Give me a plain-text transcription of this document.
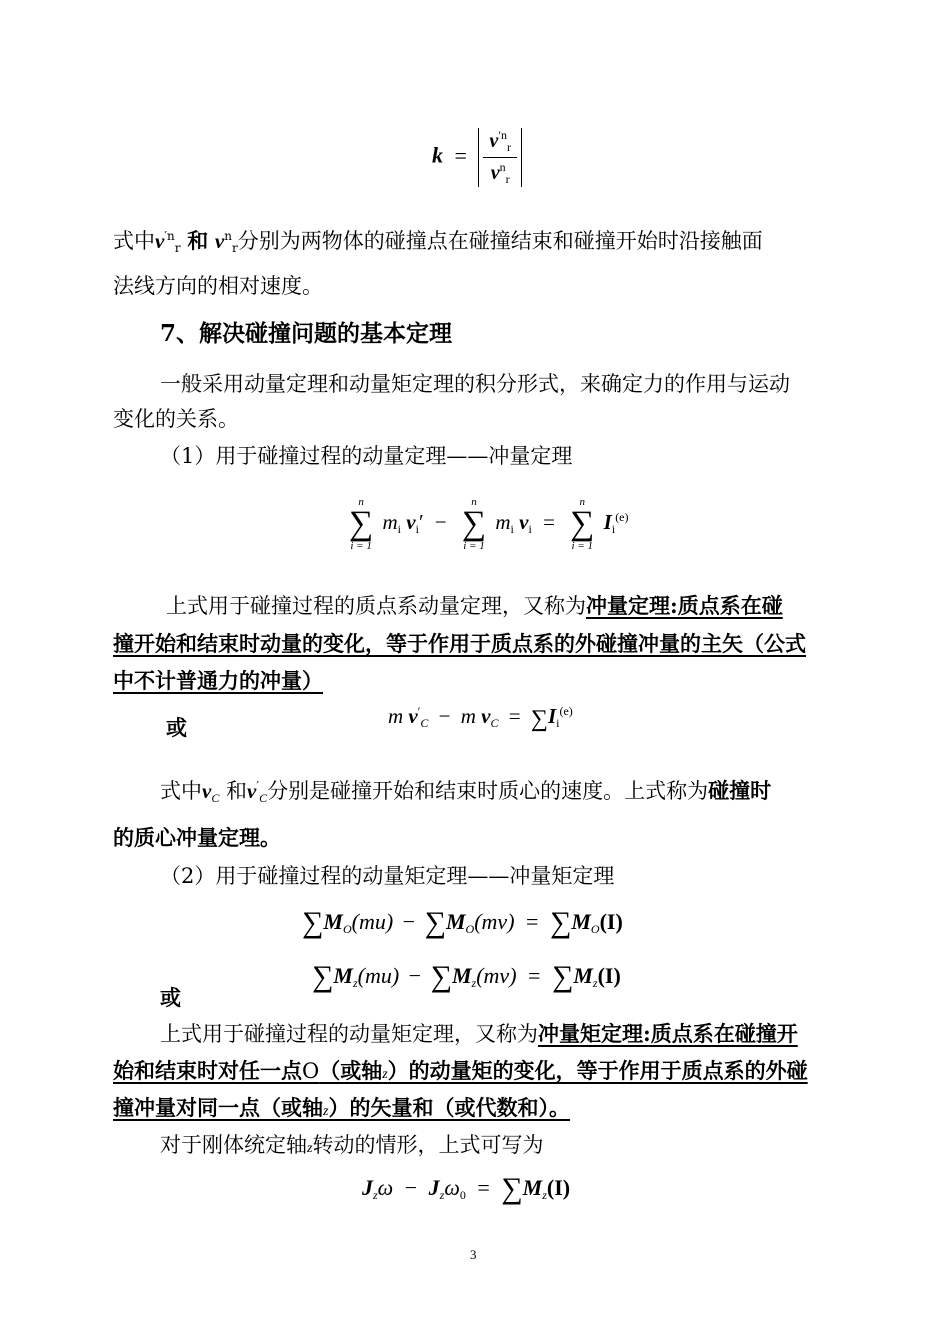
$k = \frac{v^{'n}_r}{v^n_r}$
式中$v^{'n}_r$ 和 $v^n_r$分别为两物体的碰撞点在碰撞结束和碰撞开始时沿接触面
法线方向的相对速度。
7、解决碰撞问题的基本定理
一般采用动量定理和动量矩定理的积分形式，来确定力的作用与运动
变化的关系。
（1）用于碰撞过程的动量定理——冲量定理
n
∑
i = 1
$m_i$ $v_i'$ −
n
∑
i = 1
$m_i$ $v_i$ =
n
∑
i = 1
$I_i^{(e)}$
上式用于碰撞过程的质点系动量定理，又称为冲量定理:质点系在碰
撞开始和结束时动量的变化，等于作用于质点系的外碰撞冲量的主矢（公式
中不计普通力的冲量）
或	m $v'_C - m$ $v_C = \sum I_i^{(e)}$
式中$v_C$ 和$v'_C$分别是碰撞开始和结束时质心的速度。上式称为碰撞时
的质心冲量定理。
（2）用于碰撞过程的动量矩定理——冲量矩定理
$\sum M_O(mu) - \sum M_O(mv) = \sum M_O(I)$
或
$\sum M_z(mu) - \sum M_z(mv) = \sum M_z(I)$
上式用于碰撞过程的动量矩定理，又称为冲量矩定理:质点系在碰撞开
始和结束时对任一点O（或轴z）的动量矩的变化，等于作用于质点系的外碰
撞冲量对同一点（或轴z）的矢量和（或代数和）。
对于刚体统定轴z转动的情形，上式可写为
$J_z\omega - J_z\omega_0 = \sum M_z(I)$
3
